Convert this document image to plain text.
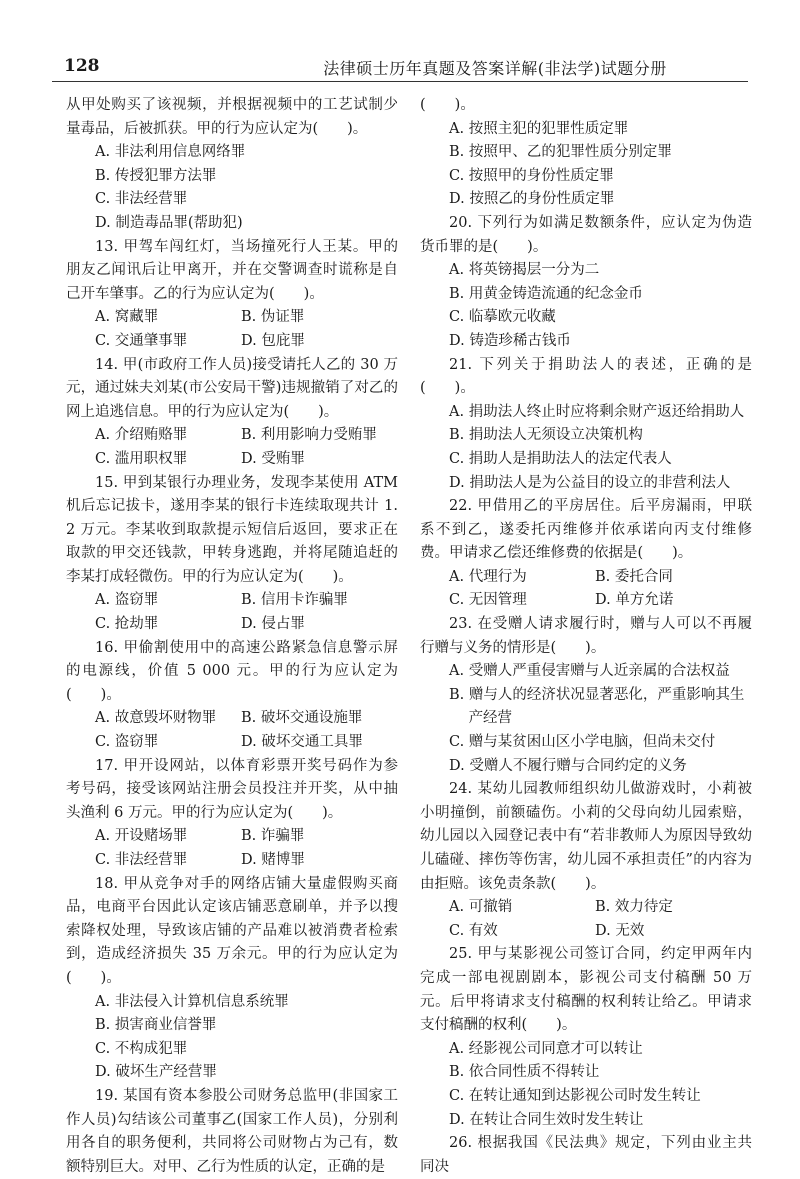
128	法律硕士历年真题及答案详解(非法学)试题分册

从甲处购买了该视频，并根据视频中的工艺试制少量毒品，后被抓获。甲的行为应认定为(　　)。

A. 非法利用信息网络罪

B. 传授犯罪方法罪

C. 非法经营罪

D. 制造毒品罪(帮助犯)

13. 甲驾车闯红灯，当场撞死行人王某。甲的朋友乙闻讯后让甲离开，并在交警调查时谎称是自己开车肇事。乙的行为应认定为(　　)。

A. 窝藏罪	B. 伪证罪
C. 交通肇事罪	D. 包庇罪

14. 甲(市政府工作人员)接受请托人乙的 30 万元，通过妹夫刘某(市公安局干警)违规撤销了对乙的网上追逃信息。甲的行为应认定为(　　)。

A. 介绍贿赂罪	B. 利用影响力受贿罪
C. 滥用职权罪	D. 受贿罪

15. 甲到某银行办理业务，发现李某使用 ATM 机后忘记拔卡，遂用李某的银行卡连续取现共计 1. 2 万元。李某收到取款提示短信后返回，要求正在取款的甲交还钱款，甲转身逃跑，并将尾随追赶的李某打成轻微伤。甲的行为应认定为(　　)。

A. 盗窃罪	B. 信用卡诈骗罪
C. 抢劫罪	D. 侵占罪

16. 甲偷割使用中的高速公路紧急信息警示屏的电源线，价值 5 000 元。甲的行为应认定为(　　)。

A. 故意毁坏财物罪	B. 破坏交通设施罪
C. 盗窃罪	D. 破坏交通工具罪

17. 甲开设网站，以体育彩票开奖号码作为参考号码，接受该网站注册会员投注并开奖，从中抽头渔利 6 万元。甲的行为应认定为(　　)。

A. 开设赌场罪	B. 诈骗罪
C. 非法经营罪	D. 赌博罪

18. 甲从竞争对手的网络店铺大量虚假购买商品，电商平台因此认定该店铺恶意刷单，并予以搜索降权处理，导致该店铺的产品难以被消费者检索到，造成经济损失 35 万余元。甲的行为应认定为(　　)。

A. 非法侵入计算机信息系统罪

B. 损害商业信誉罪

C. 不构成犯罪

D. 破坏生产经营罪

19. 某国有资本参股公司财务总监甲(非国家工作人员)勾结该公司董事乙(国家工作人员)，分别利用各自的职务便利，共同将公司财物占为己有，数额特别巨大。对甲、乙行为性质的认定，正确的是

(　　)。

A. 按照主犯的犯罪性质定罪

B. 按照甲、乙的犯罪性质分别定罪

C. 按照甲的身份性质定罪

D. 按照乙的身份性质定罪

20. 下列行为如满足数额条件，应认定为伪造货币罪的是(　　)。

A. 将英镑揭层一分为二

B. 用黄金铸造流通的纪念金币

C. 临摹欧元收藏

D. 铸造珍稀古钱币

21. 下列关于捐助法人的表述，正确的是(　　)。

A. 捐助法人终止时应将剩余财产返还给捐助人

B. 捐助法人无须设立决策机构

C. 捐助人是捐助法人的法定代表人

D. 捐助法人是为公益目的设立的非营利法人

22. 甲借用乙的平房居住。后平房漏雨，甲联系不到乙，遂委托丙维修并依承诺向丙支付维修费。甲请求乙偿还维修费的依据是(　　)。

A. 代理行为	B. 委托合同
C. 无因管理	D. 单方允诺

23. 在受赠人请求履行时，赠与人可以不再履行赠与义务的情形是(　　)。

A. 受赠人严重侵害赠与人近亲属的合法权益

B. 赠与人的经济状况显著恶化，严重影响其生产经营

C. 赠与某贫困山区小学电脑，但尚未交付

D. 受赠人不履行赠与合同约定的义务

24. 某幼儿园教师组织幼儿做游戏时，小莉被小明撞倒，前额磕伤。小莉的父母向幼儿园索赔，幼儿园以入园登记表中有“若非教师人为原因导致幼儿磕碰、摔伤等伤害，幼儿园不承担责任”的内容为由拒赔。该免责条款(　　)。

A. 可撤销	B. 效力待定
C. 有效	D. 无效

25. 甲与某影视公司签订合同，约定甲两年内完成一部电视剧剧本，影视公司支付稿酬 50 万元。后甲将请求支付稿酬的权利转让给乙。甲请求支付稿酬的权利(　　)。

A. 经影视公司同意才可以转让

B. 依合同性质不得转让

C. 在转让通知到达影视公司时发生转让

D. 在转让合同生效时发生转让

26. 根据我国《民法典》规定，下列由业主共同决
